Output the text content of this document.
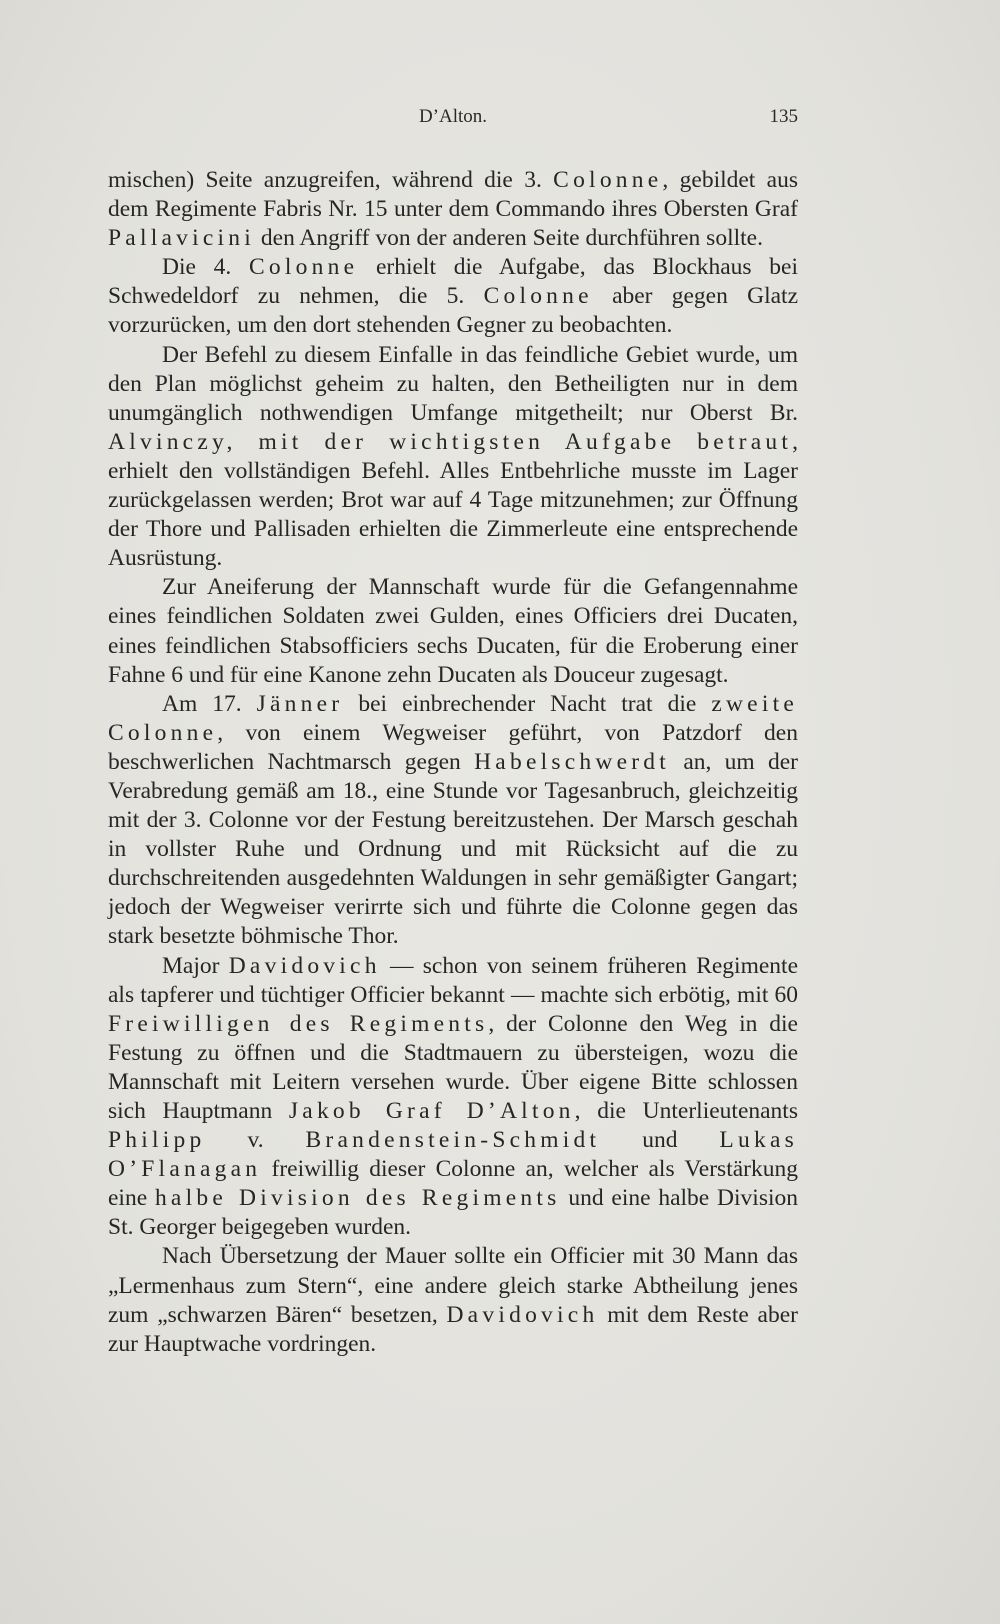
D’Alton.	135

mischen) Seite anzugreifen, während die 3. Colonne, gebildet aus dem Regimente Fabris Nr. 15 unter dem Commando ihres Obersten Graf Pallavicini den Angriff von der anderen Seite durchführen sollte.

Die 4. Colonne erhielt die Aufgabe, das Blockhaus bei Schwedeldorf zu nehmen, die 5. Colonne aber gegen Glatz vorzurücken, um den dort stehenden Gegner zu beobachten.

Der Befehl zu diesem Einfalle in das feindliche Gebiet wurde, um den Plan möglichst geheim zu halten, den Betheiligten nur in dem unumgänglich nothwendigen Umfange mitgetheilt; nur Oberst Br. Alvinczy, mit der wichtigsten Aufgabe betraut, erhielt den vollständigen Befehl. Alles Entbehrliche musste im Lager zurückgelassen werden; Brot war auf 4 Tage mitzunehmen; zur Öffnung der Thore und Pallisaden erhielten die Zimmerleute eine entsprechende Ausrüstung.

Zur Aneiferung der Mannschaft wurde für die Gefangennahme eines feindlichen Soldaten zwei Gulden, eines Officiers drei Ducaten, eines feindlichen Stabsofficiers sechs Ducaten, für die Eroberung einer Fahne 6 und für eine Kanone zehn Ducaten als Douceur zugesagt.

Am 17. Jänner bei einbrechender Nacht trat die zweite Colonne, von einem Wegweiser geführt, von Patzdorf den beschwerlichen Nachtmarsch gegen Habelschwerdt an, um der Verabredung gemäß am 18., eine Stunde vor Tagesanbruch, gleichzeitig mit der 3. Colonne vor der Festung bereitzustehen. Der Marsch geschah in vollster Ruhe und Ordnung und mit Rücksicht auf die zu durchschreitenden ausgedehnten Waldungen in sehr gemäßigter Gangart; jedoch der Wegweiser verirrte sich und führte die Colonne gegen das stark besetzte böhmische Thor.

Major Davidovich — schon von seinem früheren Regimente als tapferer und tüchtiger Officier bekannt — machte sich erbötig, mit 60 Freiwilligen des Regiments, der Colonne den Weg in die Festung zu öffnen und die Stadtmauern zu übersteigen, wozu die Mannschaft mit Leitern versehen wurde. Über eigene Bitte schlossen sich Hauptmann Jakob Graf D’Alton, die Unterlieutenants Philipp v. Brandenstein-Schmidt und Lukas O’Flanagan freiwillig dieser Colonne an, welcher als Verstärkung eine halbe Division des Regiments und eine halbe Division St. Georger beigegeben wurden.

Nach Übersetzung der Mauer sollte ein Officier mit 30 Mann das „Lermenhaus zum Stern“, eine andere gleich starke Abtheilung jenes zum „schwarzen Bären“ besetzen, Davidovich mit dem Reste aber zur Hauptwache vordringen.
